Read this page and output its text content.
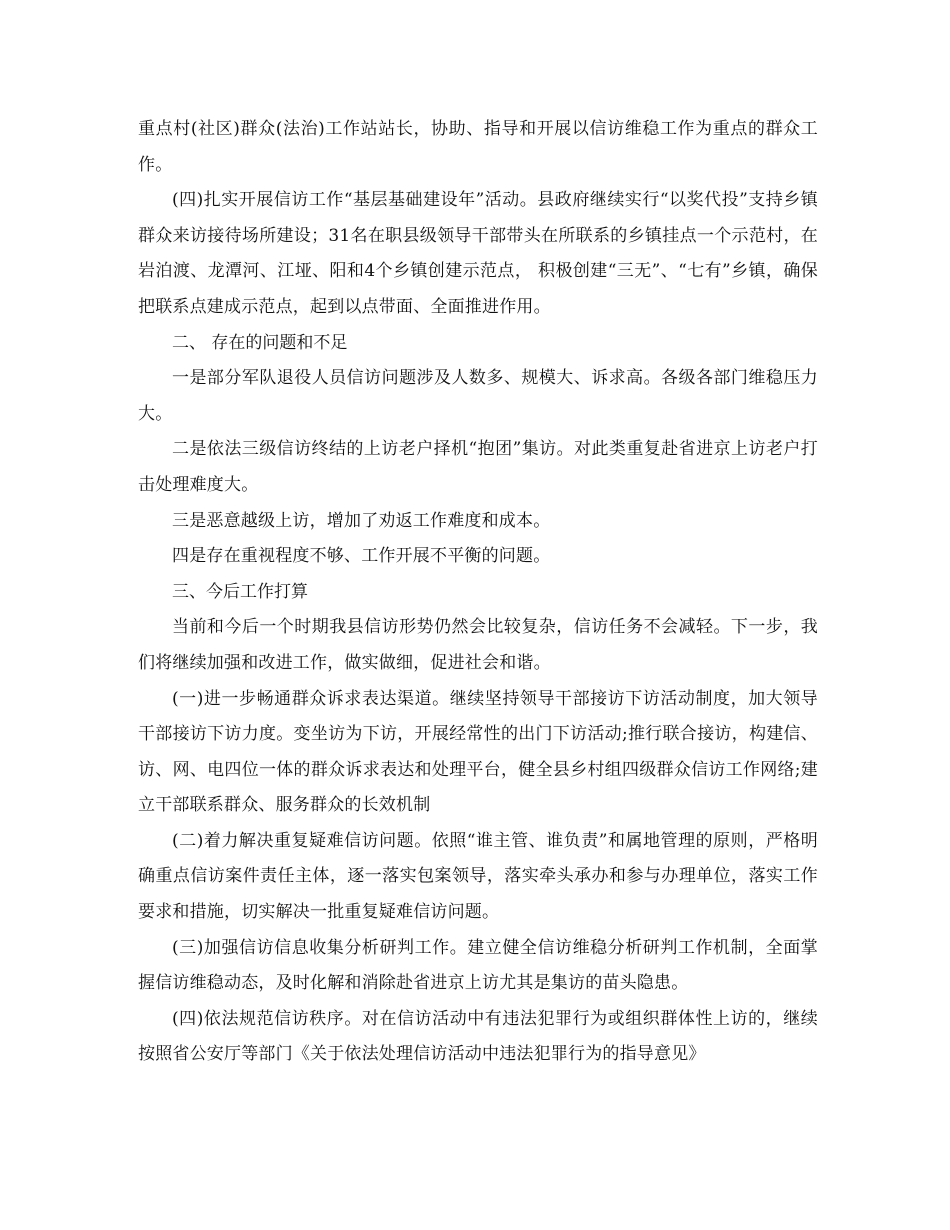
重点村(社区)群众(法治)工作站站长，协助、指导和开展以信访维稳工作为重点的群众工作。

(四)扎实开展信访工作“基层基础建设年”活动。县政府继续实行“以奖代投”支持乡镇群众来访接待场所建设；31名在职县级领导干部带头在所联系的乡镇挂点一个示范村，在岩泊渡、龙潭河、江垭、阳和4个乡镇创建示范点， 积极创建“三无”、“七有”乡镇，确保把联系点建成示范点，起到以点带面、全面推进作用。

二、 存在的问题和不足

一是部分军队退役人员信访问题涉及人数多、规模大、诉求高。各级各部门维稳压力大。

二是依法三级信访终结的上访老户择机“抱团”集访。对此类重复赴省进京上访老户打击处理难度大。

三是恶意越级上访，增加了劝返工作难度和成本。

四是存在重视程度不够、工作开展不平衡的问题。

三、今后工作打算

当前和今后一个时期我县信访形势仍然会比较复杂，信访任务不会减轻。下一步，我们将继续加强和改进工作，做实做细，促进社会和谐。

(一)进一步畅通群众诉求表达渠道。继续坚持领导干部接访下访活动制度，加大领导干部接访下访力度。变坐访为下访，开展经常性的出门下访活动;推行联合接访，构建信、访、网、电四位一体的群众诉求表达和处理平台，健全县乡村组四级群众信访工作网络;建立干部联系群众、服务群众的长效机制

(二)着力解决重复疑难信访问题。依照“谁主管、谁负责”和属地管理的原则，严格明确重点信访案件责任主体，逐一落实包案领导，落实牵头承办和参与办理单位，落实工作要求和措施，切实解决一批重复疑难信访问题。

(三)加强信访信息收集分析研判工作。建立健全信访维稳分析研判工作机制，全面掌握信访维稳动态，及时化解和消除赴省进京上访尤其是集访的苗头隐患。

(四)依法规范信访秩序。对在信访活动中有违法犯罪行为或组织群体性上访的，继续按照省公安厅等部门《关于依法处理信访活动中违法犯罪行为的指导意见》
